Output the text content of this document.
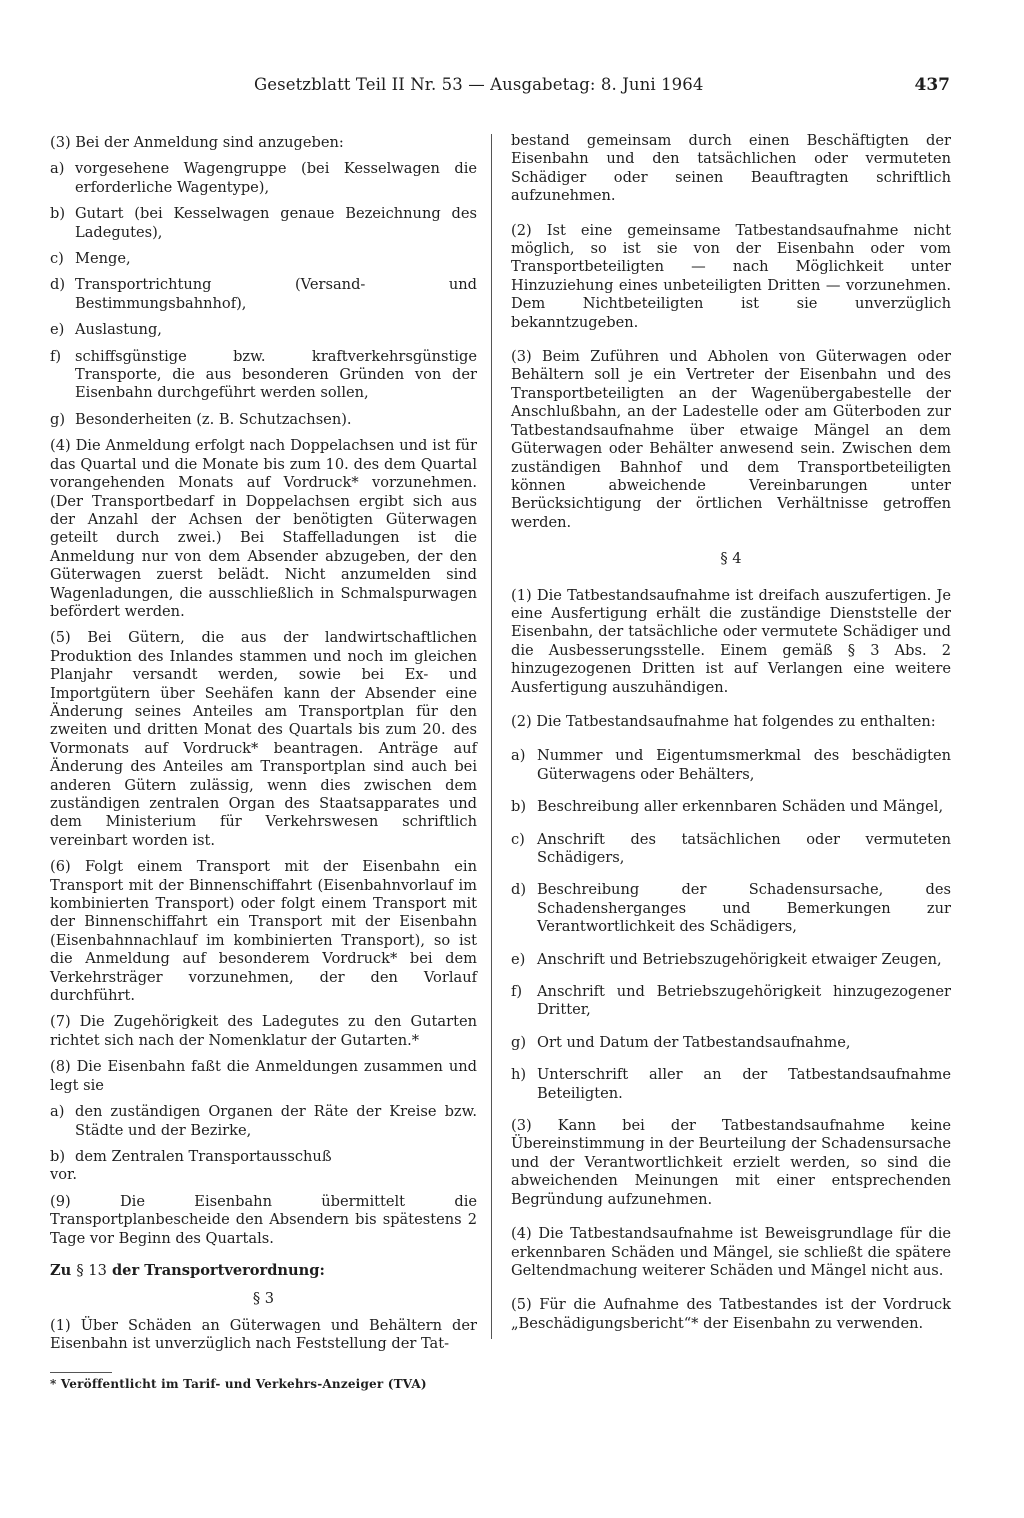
Gesetzblatt Teil II Nr. 53 — Ausgabetag: 8. Juni 1964	437

(3) Bei der Anmeldung sind anzugeben:

a) vorgesehene Wagengruppe (bei Kesselwagen die erforderliche Wagentype),
b) Gutart (bei Kesselwagen genaue Bezeichnung des Ladegutes),
c) Menge,
d) Transportrichtung (Versand- und Bestimmungsbahnhof),
e) Auslastung,
f) schiffsgünstige bzw. kraftverkehrsgünstige Transporte, die aus besonderen Gründen von der Eisenbahn durchgeführt werden sollen,
g) Besonderheiten (z. B. Schutzachsen).

(4) Die Anmeldung erfolgt nach Doppelachsen und ist für das Quartal und die Monate bis zum 10. des dem Quartal vorangehenden Monats auf Vordruck* vorzunehmen. (Der Transportbedarf in Doppelachsen ergibt sich aus der Anzahl der Achsen der benötigten Güterwagen geteilt durch zwei.) Bei Staffelladungen ist die Anmeldung nur von dem Absender abzugeben, der den Güterwagen zuerst belädt. Nicht anzumelden sind Wagenladungen, die ausschließlich in Schmalspurwagen befördert werden.

(5) Bei Gütern, die aus der landwirtschaftlichen Produktion des Inlandes stammen und noch im gleichen Planjahr versandt werden, sowie bei Ex- und Importgütern über Seehäfen kann der Absender eine Änderung seines Anteiles am Transportplan für den zweiten und dritten Monat des Quartals bis zum 20. des Vormonats auf Vordruck* beantragen. Anträge auf Änderung des Anteiles am Transportplan sind auch bei anderen Gütern zulässig, wenn dies zwischen dem zuständigen zentralen Organ des Staatsapparates und dem Ministerium für Verkehrswesen schriftlich vereinbart worden ist.

(6) Folgt einem Transport mit der Eisenbahn ein Transport mit der Binnenschiffahrt (Eisenbahnvorlauf im kombinierten Transport) oder folgt einem Transport mit der Binnenschiffahrt ein Transport mit der Eisenbahn (Eisenbahnnachlauf im kombinierten Transport), so ist die Anmeldung auf besonderem Vordruck* bei dem Verkehrsträger vorzunehmen, der den Vorlauf durchführt.

(7) Die Zugehörigkeit des Ladegutes zu den Gutarten richtet sich nach der Nomenklatur der Gutarten.*

(8) Die Eisenbahn faßt die Anmeldungen zusammen und legt sie

a) den zuständigen Organen der Räte der Kreise bzw. Städte und der Bezirke,
b) dem Zentralen Transportausschuß

vor.

(9) Die Eisenbahn übermittelt die Transportplanbescheide den Absendern bis spätestens 2 Tage vor Beginn des Quartals.

Zu § 13 der Transportverordnung:
§ 3

(1) Über Schäden an Güterwagen und Behältern der Eisenbahn ist unverzüglich nach Feststellung der Tat-

* Veröffentlicht im Tarif- und Verkehrs-Anzeiger (TVA)

bestand gemeinsam durch einen Beschäftigten der Eisenbahn und den tatsächlichen oder vermuteten Schädiger oder seinen Beauftragten schriftlich aufzunehmen.

(2) Ist eine gemeinsame Tatbestandsaufnahme nicht möglich, so ist sie von der Eisenbahn oder vom Transportbeteiligten — nach Möglichkeit unter Hinzuziehung eines unbeteiligten Dritten — vorzunehmen. Dem Nichtbeteiligten ist sie unverzüglich bekanntzugeben.

(3) Beim Zuführen und Abholen von Güterwagen oder Behältern soll je ein Vertreter der Eisenbahn und des Transportbeteiligten an der Wagenübergabestelle der Anschlußbahn, an der Ladestelle oder am Güterboden zur Tatbestandsaufnahme über etwaige Mängel an dem Güterwagen oder Behälter anwesend sein. Zwischen dem zuständigen Bahnhof und dem Transportbeteiligten können abweichende Vereinbarungen unter Berücksichtigung der örtlichen Verhältnisse getroffen werden.

§ 4

(1) Die Tatbestandsaufnahme ist dreifach auszufertigen. Je eine Ausfertigung erhält die zuständige Dienststelle der Eisenbahn, der tatsächliche oder vermutete Schädiger und die Ausbesserungsstelle. Einem gemäß § 3 Abs. 2 hinzugezogenen Dritten ist auf Verlangen eine weitere Ausfertigung auszuhändigen.

(2) Die Tatbestandsaufnahme hat folgendes zu enthalten:

a) Nummer und Eigentumsmerkmal des beschädigten Güterwagens oder Behälters,
b) Beschreibung aller erkennbaren Schäden und Mängel,
c) Anschrift des tatsächlichen oder vermuteten Schädigers,
d) Beschreibung der Schadensursache, des Schadensherganges und Bemerkungen zur Verantwortlichkeit des Schädigers,
e) Anschrift und Betriebszugehörigkeit etwaiger Zeugen,
f)	Anschrift und Betriebszugehörigkeit hinzugezogener Dritter,
g) Ort und Datum der Tatbestandsaufnahme,
h) Unterschrift aller an der Tatbestandsaufnahme Beteiligten.

(3) Kann bei der Tatbestandsaufnahme keine Übereinstimmung in der Beurteilung der Schadensursache und der Verantwortlichkeit erzielt werden, so sind die abweichenden Meinungen mit einer entsprechenden Begründung aufzunehmen.

(4) Die Tatbestandsaufnahme ist Beweisgrundlage für die erkennbaren Schäden und Mängel, sie schließt die spätere Geltendmachung weiterer Schäden und Mängel nicht aus.

(5) Für die Aufnahme des Tatbestandes ist der Vordruck „Beschädigungsbericht“* der Eisenbahn zu verwenden.
